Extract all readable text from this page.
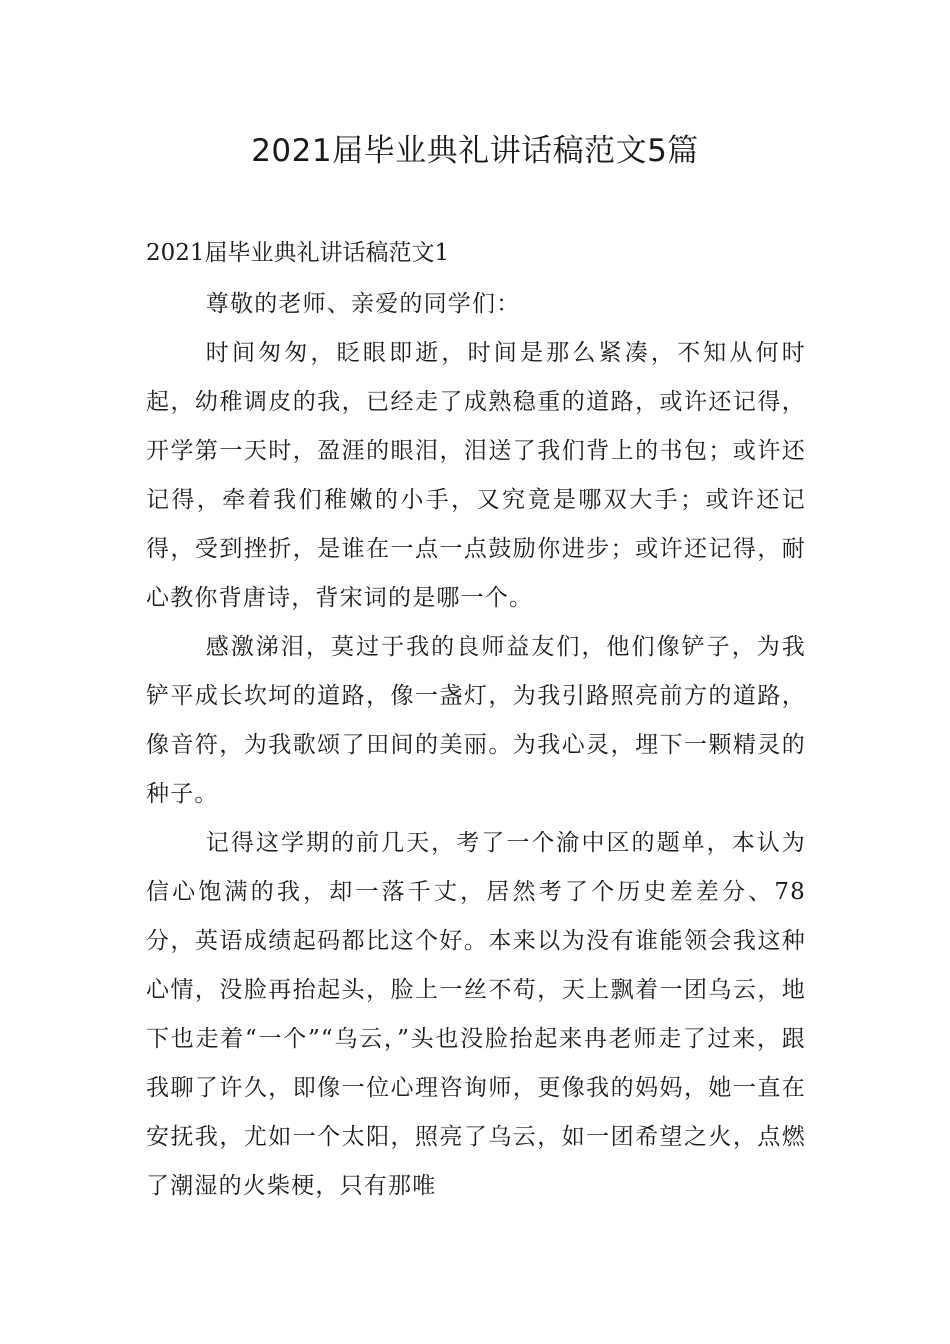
2021届毕业典礼讲话稿范文5篇
2021届毕业典礼讲话稿范文1

尊敬的老师、亲爱的同学们：

时间匆匆，眨眼即逝，时间是那么紧凑，不知从何时起，幼稚调皮的我，已经走了成熟稳重的道路，或许还记得，开学第一天时，盈涯的眼泪，泪送了我们背上的书包；或许还记得，牵着我们稚嫩的小手，又究竟是哪双大手；或许还记得，受到挫折，是谁在一点一点鼓励你进步；或许还记得，耐心教你背唐诗，背宋词的是哪一个。

感激涕泪，莫过于我的良师益友们，他们像铲子，为我铲平成长坎坷的道路，像一盏灯，为我引路照亮前方的道路，像音符，为我歌颂了田间的美丽。为我心灵，埋下一颗精灵的种子。

记得这学期的前几天，考了一个渝中区的题单，本认为信心饱满的我，却一落千丈，居然考了个历史差差分、78分，英语成绩起码都比这个好。本来以为没有谁能领会我这种心情，没脸再抬起头，脸上一丝不苟，天上飘着一团乌云，地下也走着“一个”“乌云，”头也没脸抬起来冉老师走了过来，跟我聊了许久，即像一位心理咨询师，更像我的妈妈，她一直在安抚我，尤如一个太阳，照亮了乌云，如一团希望之火，点燃了潮湿的火柴梗，只有那唯
